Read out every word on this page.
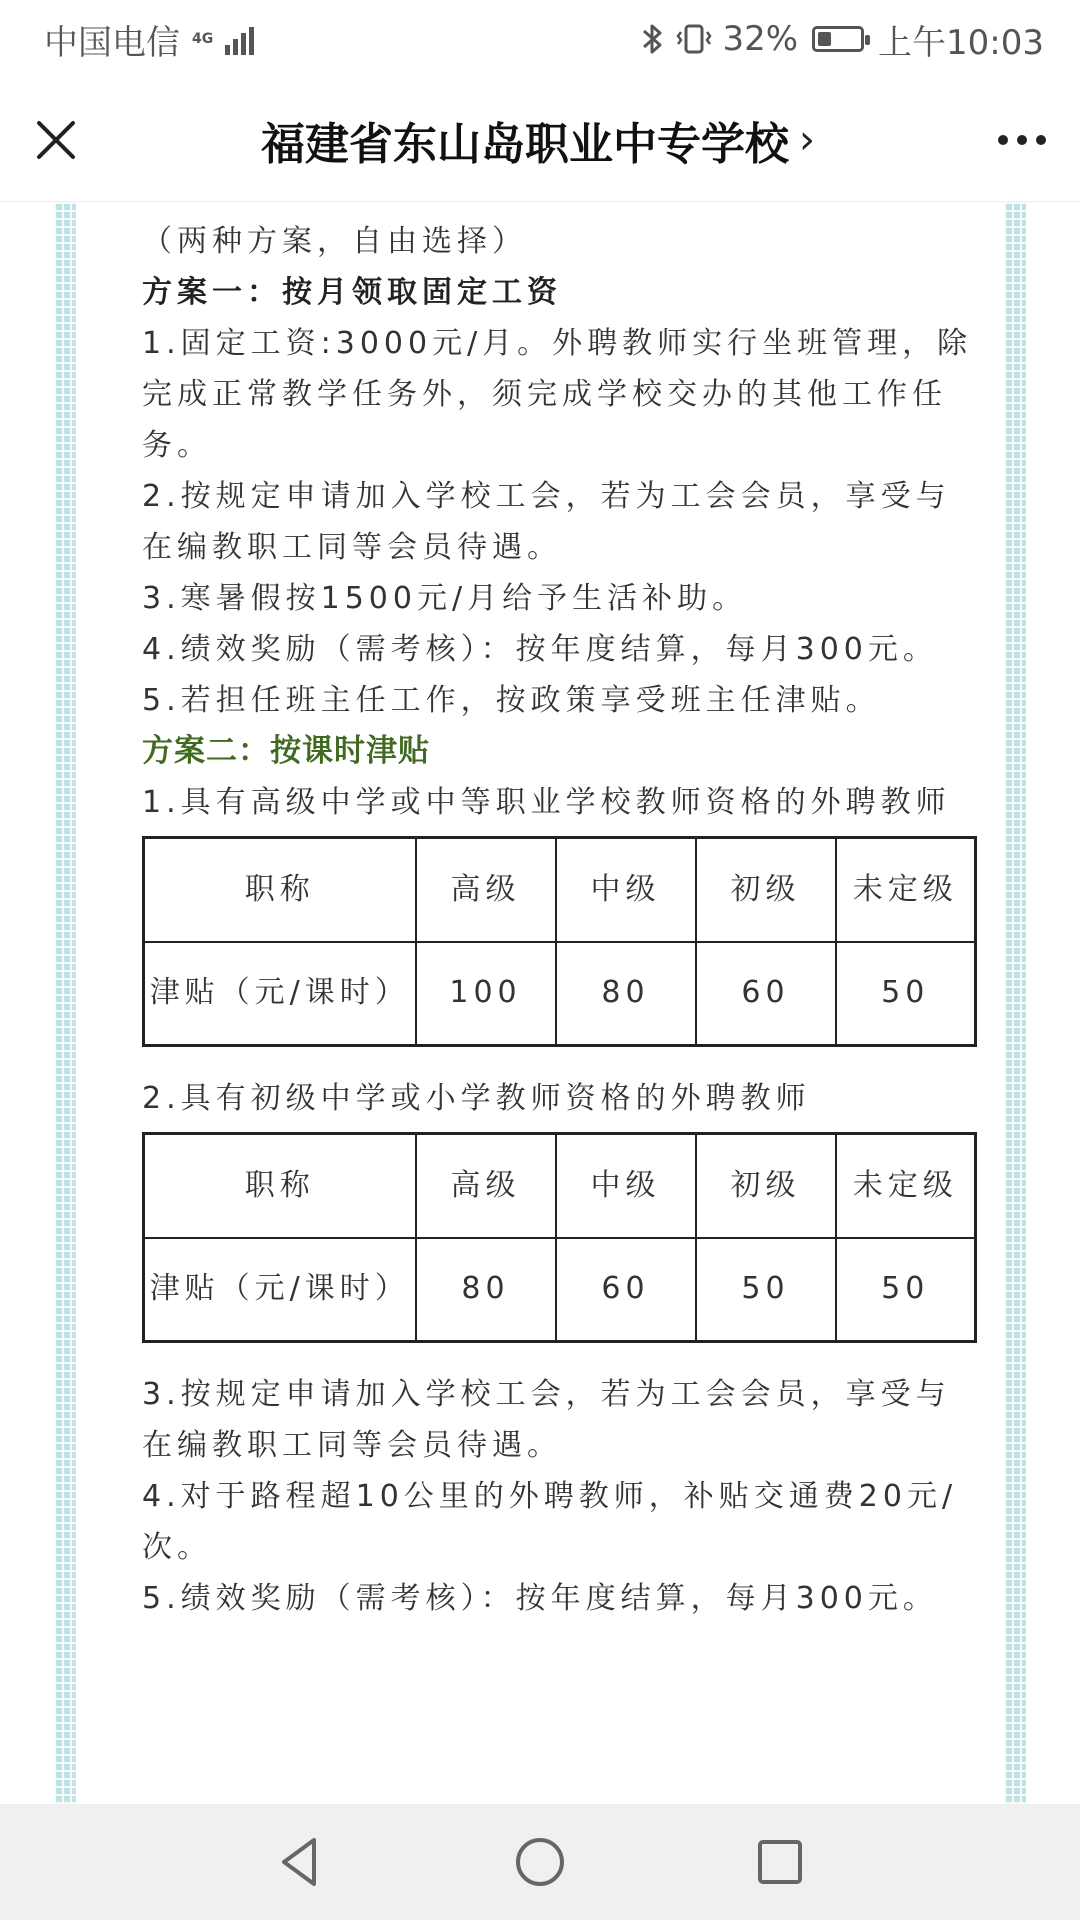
中国电信 4G	32% 上午10:03
福建省东山岛职业中专学校 ›

（两种方案，自由选择）

方案一：按月领取固定工资

1.固定工资:3000元/月。外聘教师实行坐班管理，除完成正常教学任务外，须完成学校交办的其他工作任务。

2.按规定申请加入学校工会，若为工会会员，享受与在编教职工同等会员待遇。

3.寒暑假按1500元/月给予生活补助。

4.绩效奖励（需考核）：按年度结算，每月300元。

5.若担任班主任工作，按政策享受班主任津贴。

方案二：按课时津贴

1.具有高级中学或中等职业学校教师资格的外聘教师

职称	高级	中级	初级	未定级
津贴（元/课时）	100	80	60	50

2.具有初级中学或小学教师资格的外聘教师

职称	高级	中级	初级	未定级
津贴（元/课时）	80	60	50	50

3.按规定申请加入学校工会，若为工会会员，享受与在编教职工同等会员待遇。

4.对于路程超10公里的外聘教师，补贴交通费20元/次。

5.绩效奖励（需考核）：按年度结算，每月300元。
